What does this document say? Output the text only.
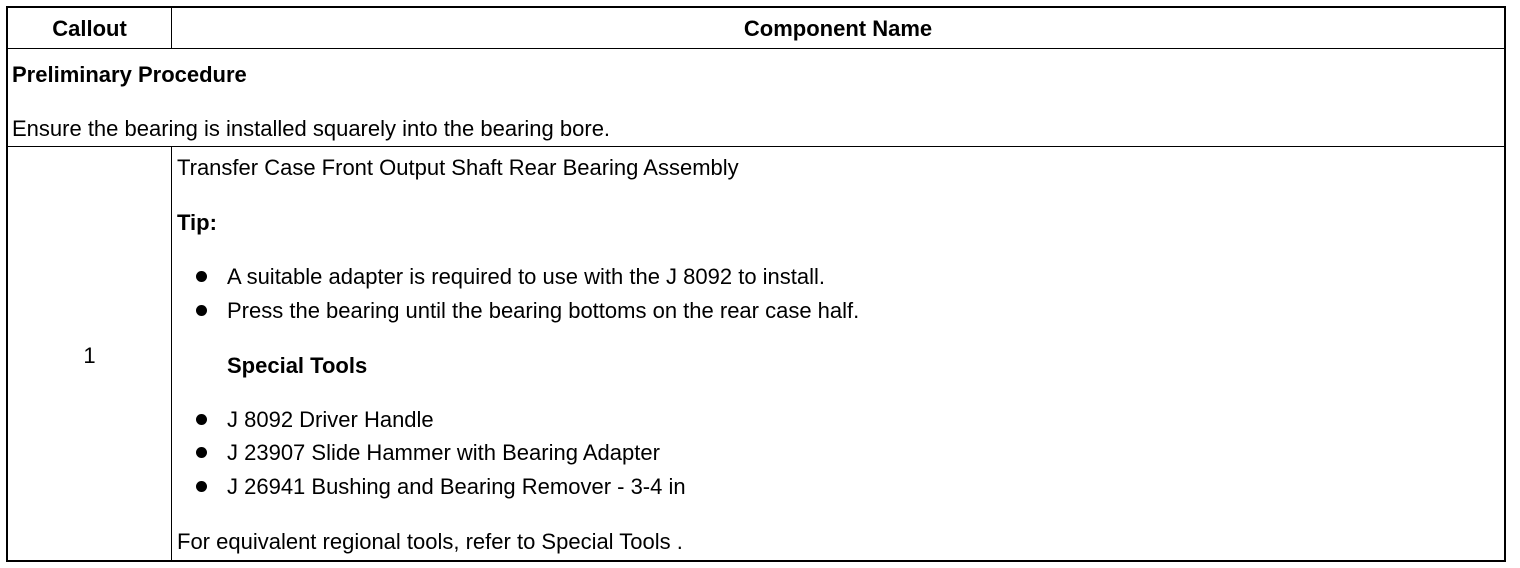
Callout	Component Name
Preliminary Procedure
Ensure the bearing is installed squarely into the bearing bore.
1
Transfer Case Front Output Shaft Rear Bearing Assembly
Tip:
A suitable adapter is required to use with the J 8092 to install.
Press the bearing until the bearing bottoms on the rear case half.
Special Tools
J 8092 Driver Handle
J 23907 Slide Hammer with Bearing Adapter
J 26941 Bushing and Bearing Remover - 3-4 in
For equivalent regional tools, refer to Special Tools .
